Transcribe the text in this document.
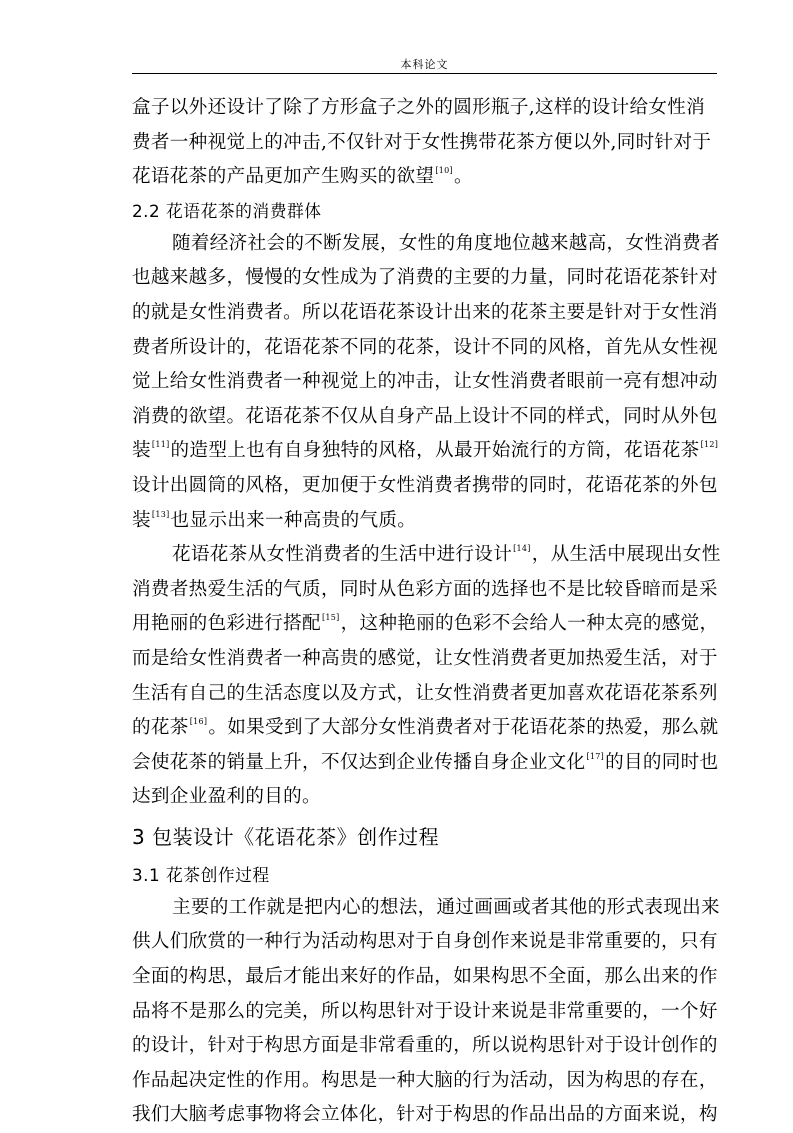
本科论文
盒子以外还设计了除了方形盒子之外的圆形瓶子,这样的设计给女性消
费者一种视觉上的冲击,不仅针对于女性携带花茶方便以外,同时针对于
花语花茶的产品更加产生购买的欲望[10]。
2.2 花语花茶的消费群体
随着经济社会的不断发展，女性的角度地位越来越高，女性消费者
也越来越多，慢慢的女性成为了消费的主要的力量，同时花语花茶针对
的就是女性消费者。所以花语花茶设计出来的花茶主要是针对于女性消
费者所设计的，花语花茶不同的花茶，设计不同的风格，首先从女性视
觉上给女性消费者一种视觉上的冲击，让女性消费者眼前一亮有想冲动
消费的欲望。花语花茶不仅从自身产品上设计不同的样式，同时从外包
装[11]的造型上也有自身独特的风格，从最开始流行的方筒，花语花茶[12]
设计出圆筒的风格，更加便于女性消费者携带的同时，花语花茶的外包
装[13]也显示出来一种高贵的气质。
花语花茶从女性消费者的生活中进行设计[14]，从生活中展现出女性
消费者热爱生活的气质，同时从色彩方面的选择也不是比较昏暗而是采
用艳丽的色彩进行搭配[15]，这种艳丽的色彩不会给人一种太亮的感觉，
而是给女性消费者一种高贵的感觉，让女性消费者更加热爱生活，对于
生活有自己的生活态度以及方式，让女性消费者更加喜欢花语花茶系列
的花茶[16]。如果受到了大部分女性消费者对于花语花茶的热爱，那么就
会使花茶的销量上升，不仅达到企业传播自身企业文化[17]的目的同时也
达到企业盈利的目的。
3 包装设计《花语花茶》创作过程
3.1 花茶创作过程
主要的工作就是把内心的想法，通过画画或者其他的形式表现出来
供人们欣赏的一种行为活动构思对于自身创作来说是非常重要的，只有
全面的构思，最后才能出来好的作品，如果构思不全面，那么出来的作
品将不是那么的完美，所以构思针对于设计来说是非常重要的，一个好
的设计，针对于构思方面是非常看重的，所以说构思针对于设计创作的
作品起决定性的作用。构思是一种大脑的行为活动，因为构思的存在，
我们大脑考虑事物将会立体化，针对于构思的作品出品的方面来说，构
